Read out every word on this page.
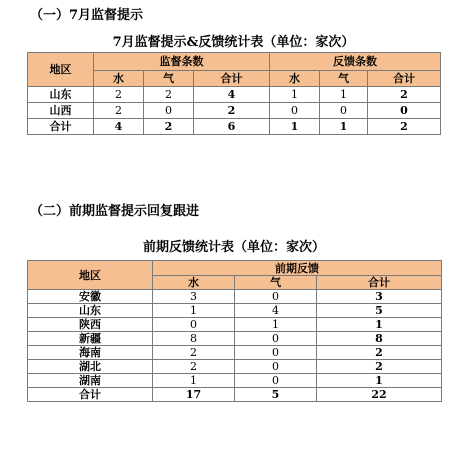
（一）7月监督提示
7月监督提示&反馈统计表（单位：家次）
地区	监督条数			反馈条数		
	水	气	合计	水	气	合计
山东	2	2	4	1	1	2
山西	2	0	2	0	0	0
合计	4	2	6	1	1	2
（二）前期监督提示回复跟进
前期反馈统计表（单位：家次）
地区	前期反馈		
	水	气	合计
安徽	3	0	3
山东	1	4	5
陕西	0	1	1
新疆	8	0	8
海南	2	0	2
湖北	2	0	2
湖南	1	0	1
合计	17	5	22
